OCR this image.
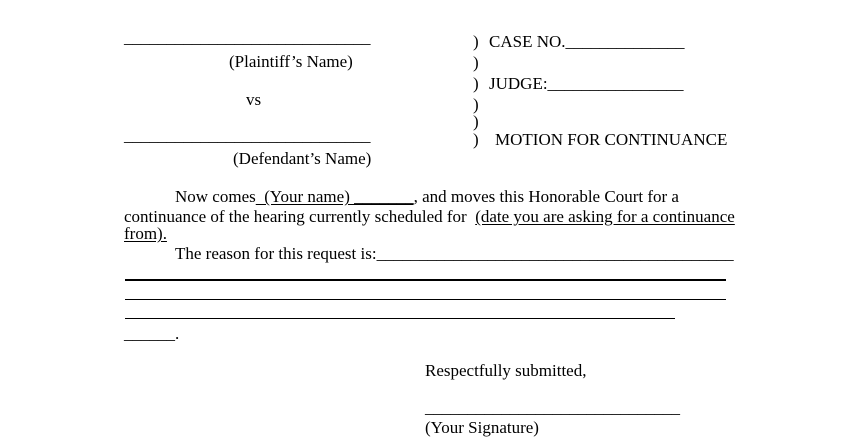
_____________________________
(Plaintiff’s Name)
vs
_____________________________
(Defendant’s Name)
)
)
)
)
)
)
CASE NO.______________
JUDGE:________________
MOTION FOR CONTINUANCE
Now comes  (Your name) _______, and moves this Honorable Court for a
continuance of the hearing currently scheduled for  (date you are asking for a continuance
from).
The reason for this request is:__________________________________________
______.
Respectfully submitted,
______________________________
(Your Signature)
